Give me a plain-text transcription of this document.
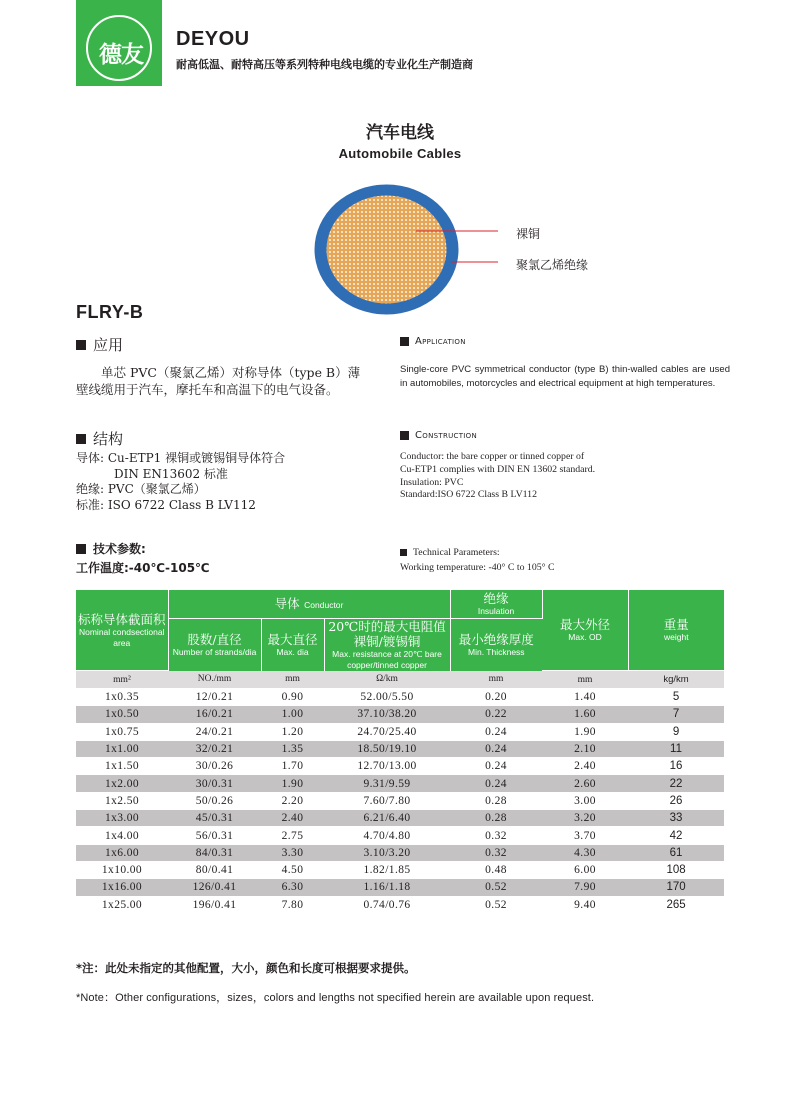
德友
DEYOU
耐高低温、耐特高压等系列特种电线电缆的专业化生产制造商
汽车电线
Automobile Cables
裸铜
聚氯乙烯绝缘
FLRY-B
应用	Application
单芯 PVC（聚氯乙烯）对称导体（type B）薄壁线缆用于汽车，摩托车和高温下的电气设备。
Single-core PVC symmetrical conductor (type B) thin-walled cables are used in automobiles, motorcycles and electrical equipment at high temperatures.
结构	Construction
导体: Cu-ETP1 裸铜或镀锡铜导体符合
DIN EN13602 标准
绝缘: PVC（聚氯乙烯）
标准: ISO 6722 Class B LV112
Conductor: the bare copper or tinned copper of
Cu-ETP1 complies with DIN EN 13602 standard.
Insulation: PVC
Standard:ISO 6722 Class B LV112
技术参数:
工作温度:-40℃-105℃
Technical Parameters:
Working temperature: -40° C to 105° C
标称导体截面积
Nominal condsectional area	导体 Conductor			绝缘
Insulation	最大外径
Max. OD	重量
weight

	股数/直径
Number of strands/dia	最大直径
Max. dia	20℃时的最大电阻值裸铜/镀锡铜
Max. resistance at 20℃ bare copper/tinned copper	最小绝缘厚度
Min. Thickness		

mm²	NO./mm	mm	Ω/km	mm	mm	kg/km
1x0.35	12/0.21	0.90	52.00/5.50	0.20	1.40	5
1x0.50	16/0.21	1.00	37.10/38.20	0.22	1.60	7
1x0.75	24/0.21	1.20	24.70/25.40	0.24	1.90	9
1x1.00	32/0.21	1.35	18.50/19.10	0.24	2.10	11
1x1.50	30/0.26	1.70	12.70/13.00	0.24	2.40	16
1x2.00	30/0.31	1.90	9.31/9.59	0.24	2.60	22
1x2.50	50/0.26	2.20	7.60/7.80	0.28	3.00	26
1x3.00	45/0.31	2.40	6.21/6.40	0.28	3.20	33
1x4.00	56/0.31	2.75	4.70/4.80	0.32	3.70	42
1x6.00	84/0.31	3.30	3.10/3.20	0.32	4.30	61
1x10.00	80/0.41	4.50	1.82/1.85	0.48	6.00	108
1x16.00	126/0.41	6.30	1.16/1.18	0.52	7.90	170
1x25.00	196/0.41	7.80	0.74/0.76	0.52	9.40	265
*注：此处未指定的其他配置，大小，颜色和长度可根据要求提供。
*Note：Other configurations，sizes，colors and lengths not specified herein are available upon request.
